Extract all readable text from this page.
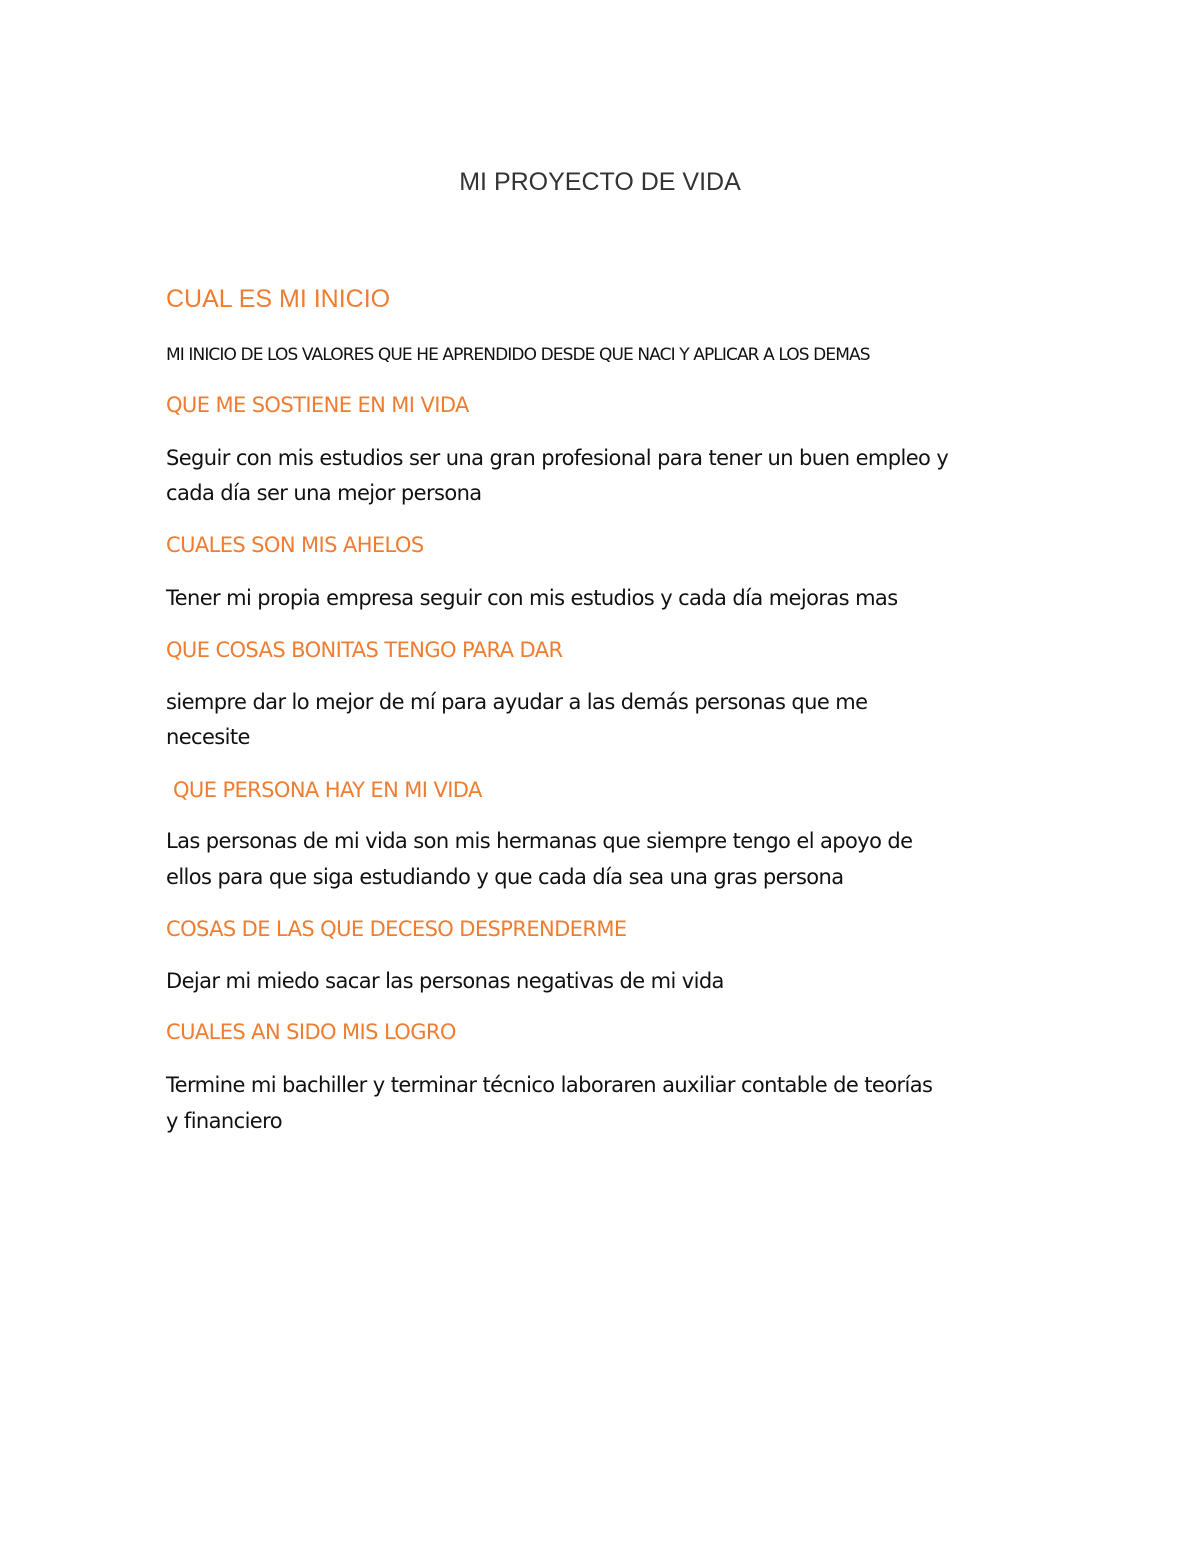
MI PROYECTO DE VIDA
CUAL ES MI INICIO
MI INICIO DE LOS VALORES QUE HE APRENDIDO DESDE QUE NACI Y APLICAR A LOS DEMAS
QUE ME SOSTIENE EN MI VIDA
Seguir con mis estudios ser una gran profesional para tener un buen empleo y
cada día ser una mejor persona
CUALES SON MIS AHELOS
Tener mi propia empresa seguir con mis estudios y cada día mejoras mas
QUE COSAS BONITAS TENGO PARA DAR
siempre dar lo mejor de mí para ayudar a las demás personas que me
necesite
QUE PERSONA HAY EN MI VIDA
Las personas de mi vida son mis hermanas que siempre tengo el apoyo de
ellos para que siga estudiando y que cada día sea una gras persona
COSAS DE LAS QUE DECESO DESPRENDERME
Dejar mi miedo sacar las personas negativas de mi vida
CUALES AN SIDO MIS LOGRO
Termine mi bachiller y terminar técnico laboraren auxiliar contable de teorías
y financiero
